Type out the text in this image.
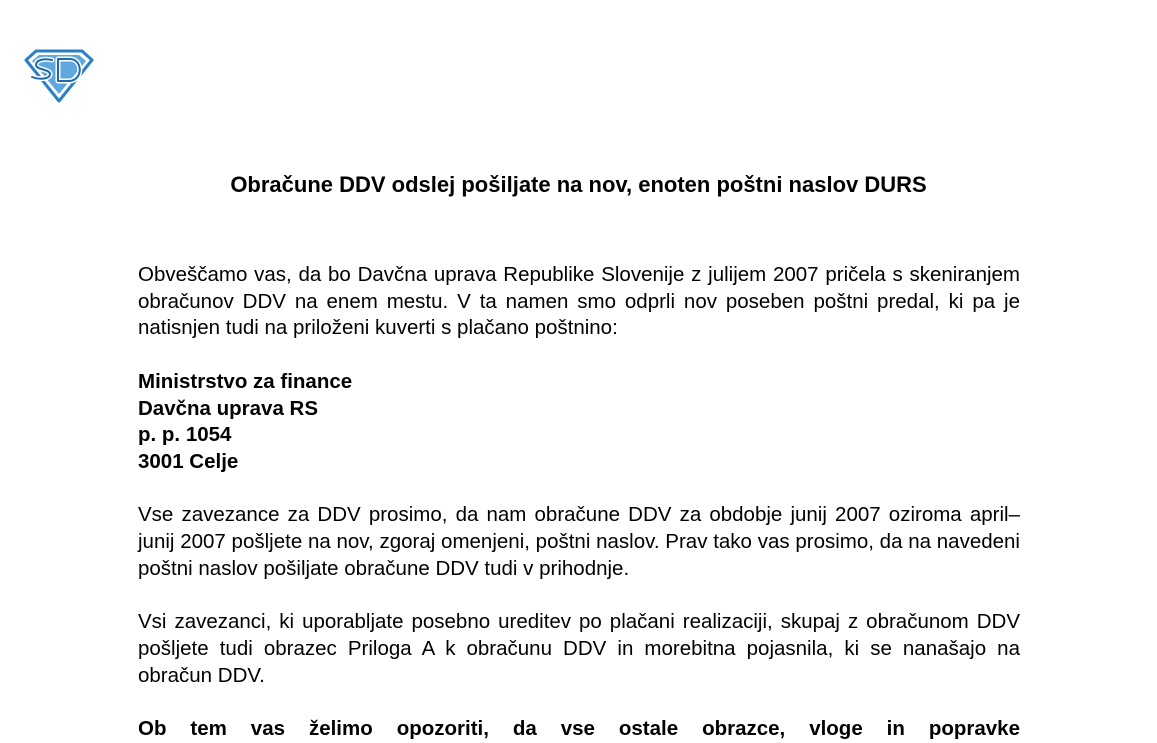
Obračune DDV odslej pošiljate na nov, enoten poštni naslov DURS

Obveščamo vas, da bo Davčna uprava Republike Slovenije z julijem 2007 pričela s skeniranjem obračunov DDV na enem mestu. V ta namen smo odprli nov poseben poštni predal, ki pa je natisnjen tudi na priloženi kuverti s plačano poštnino:

Ministrstvo za finance
Davčna uprava RS
p. p. 1054
3001 Celje

Vse zavezance za DDV prosimo, da nam obračune DDV za obdobje junij 2007 oziroma april–junij 2007 pošljete na nov, zgoraj omenjeni, poštni naslov. Prav tako vas prosimo, da na navedeni poštni naslov pošiljate obračune DDV tudi v prihodnje.

Vsi zavezanci, ki uporabljate posebno ureditev po plačani realizaciji, skupaj z obračunom DDV pošljete tudi obrazec Priloga A k obračunu DDV in morebitna pojasnila, ki se nanašajo na obračun DDV.

Ob tem vas želimo opozoriti, da vse ostale obrazce, vloge in popravke
